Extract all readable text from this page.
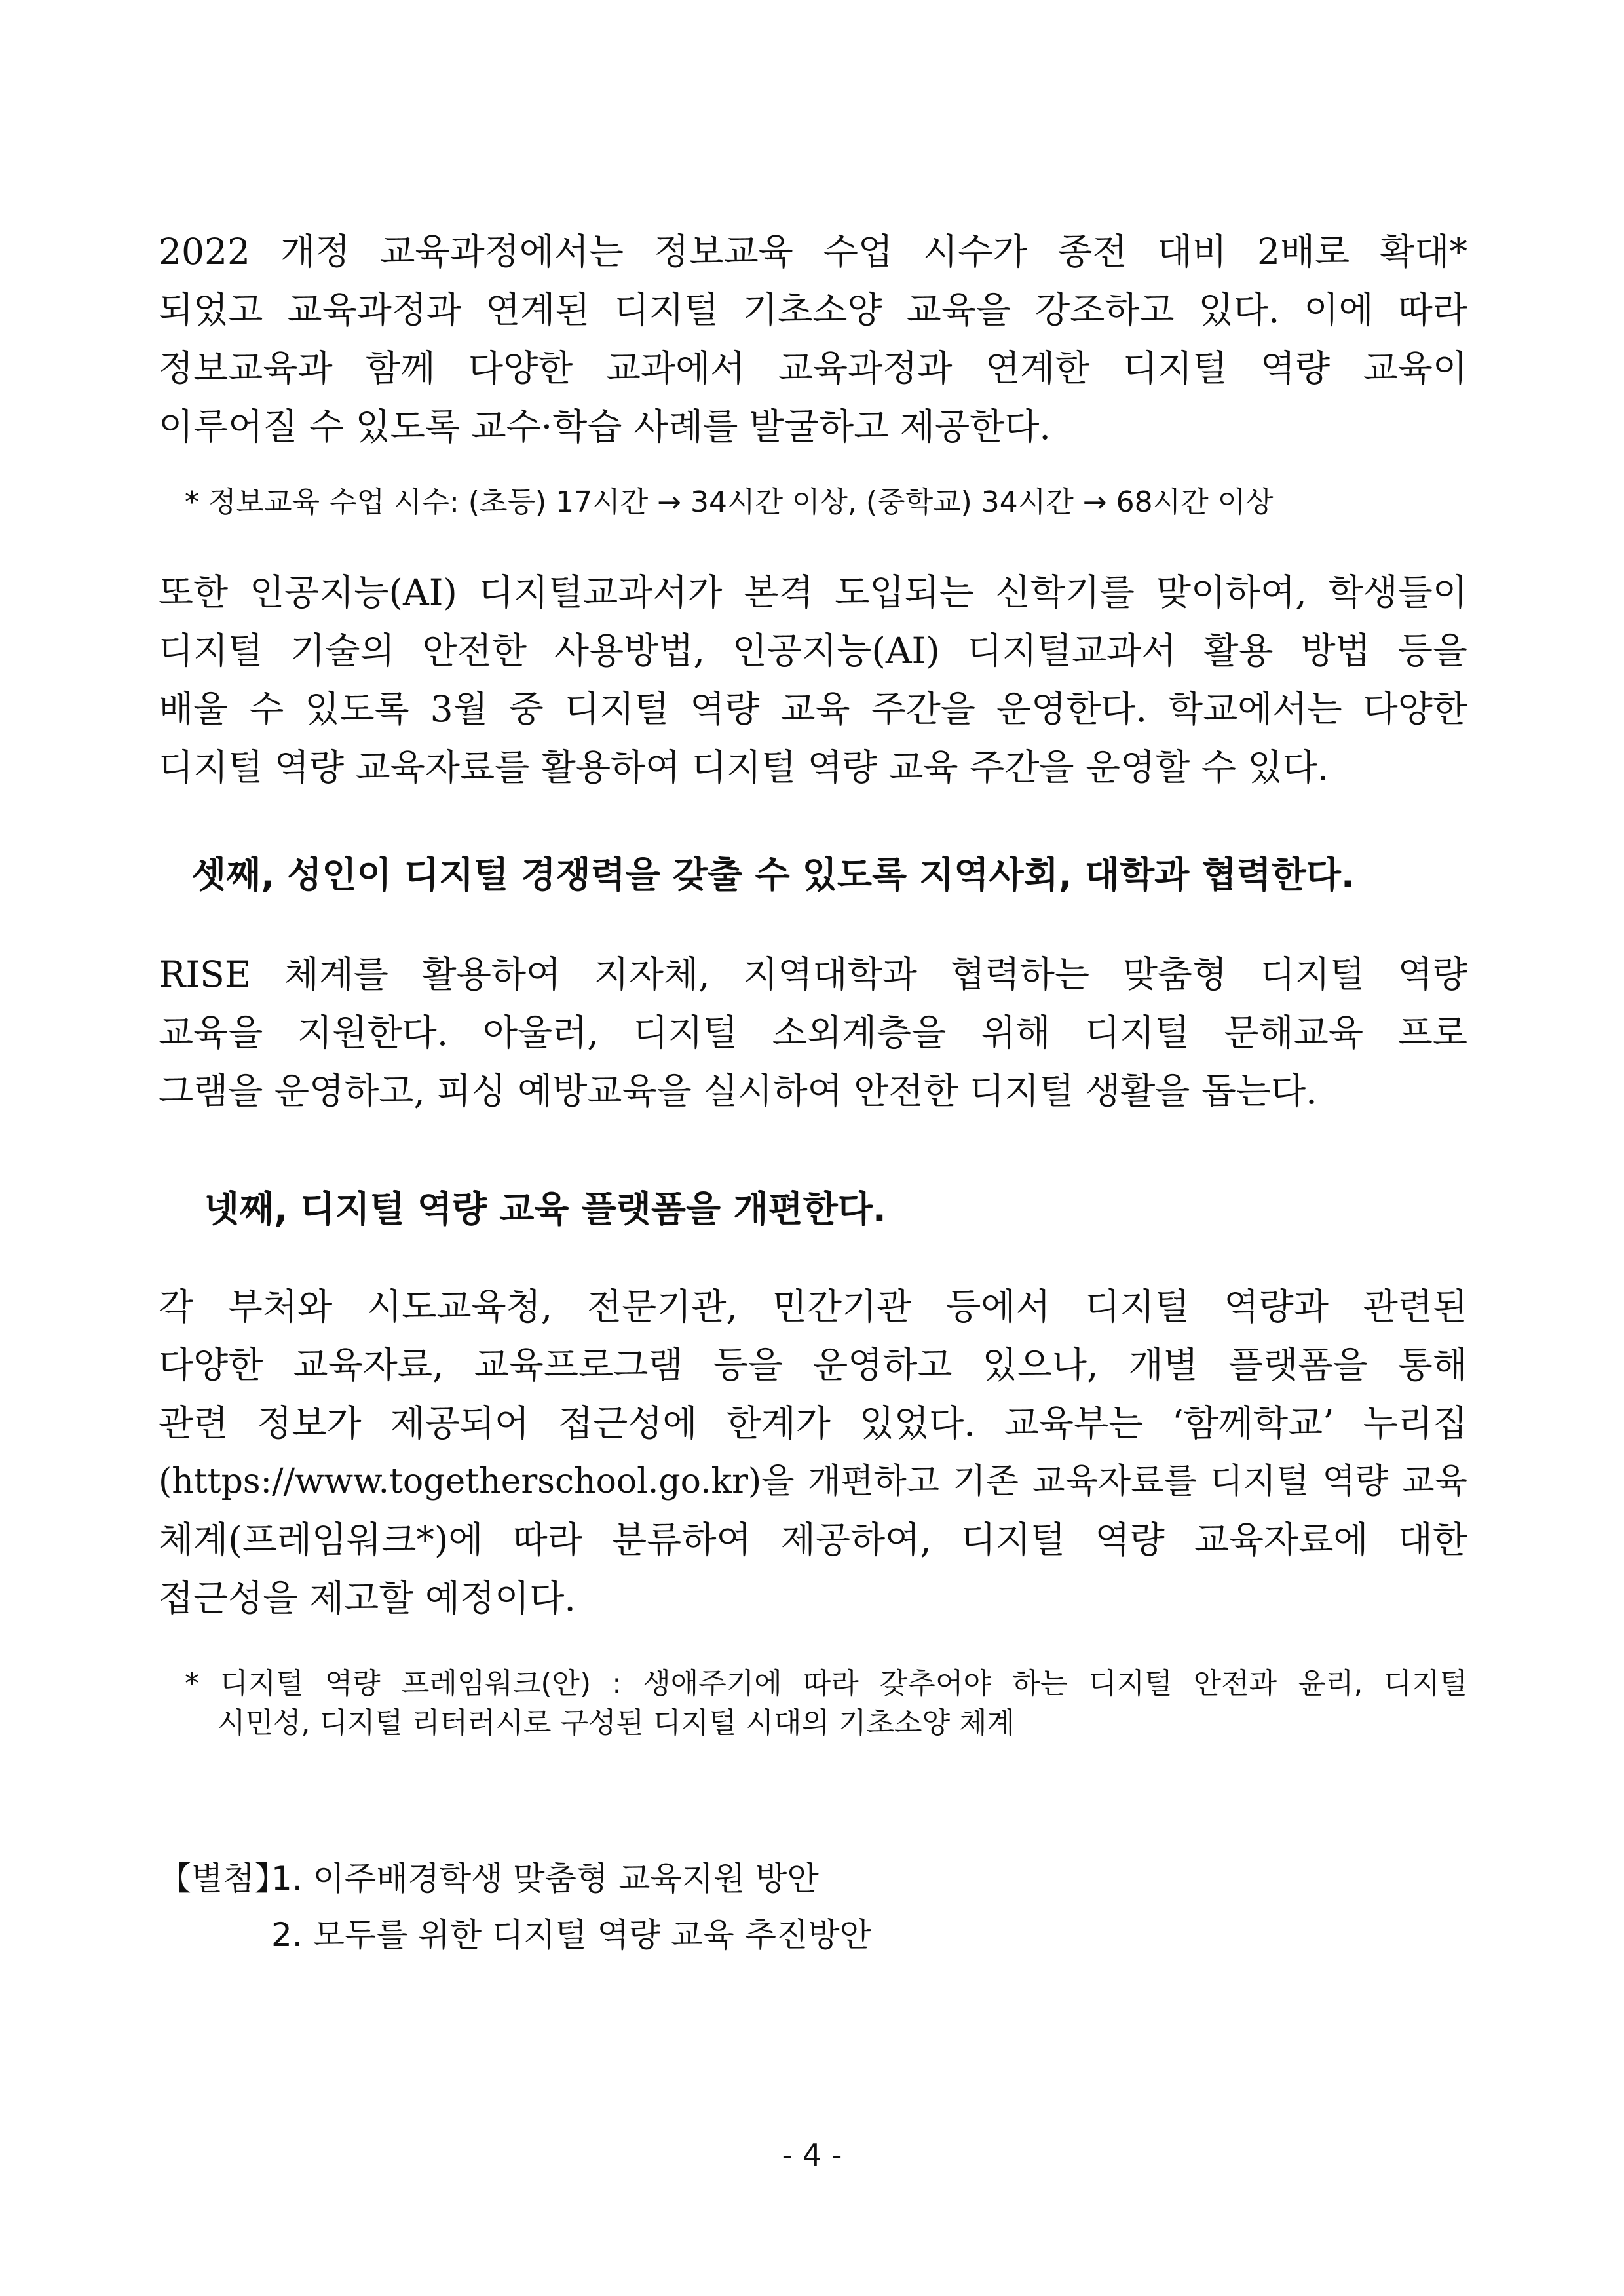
2022 개정 교육과정에서는 정보교육 수업 시수가 종전 대비 2배로 확대*
되었고 교육과정과 연계된 디지털 기초소양 교육을 강조하고 있다. 이에 따라
정보교육과 함께 다양한 교과에서 교육과정과 연계한 디지털 역량 교육이
이루어질 수 있도록 교수·학습 사례를 발굴하고 제공한다.
* 정보교육 수업 시수: (초등) 17시간 → 34시간 이상, (중학교) 34시간 → 68시간 이상
또한 인공지능(AI) 디지털교과서가 본격 도입되는 신학기를 맞이하여, 학생들이
디지털 기술의 안전한 사용방법, 인공지능(AI) 디지털교과서 활용 방법 등을
배울 수 있도록 3월 중 디지털 역량 교육 주간을 운영한다. 학교에서는 다양한
디지털 역량 교육자료를 활용하여 디지털 역량 교육 주간을 운영할 수 있다.
셋째, 성인이 디지털 경쟁력을 갖출 수 있도록 지역사회, 대학과 협력한다.
RISE 체계를 활용하여 지자체, 지역대학과 협력하는 맞춤형 디지털 역량
교육을 지원한다. 아울러, 디지털 소외계층을 위해 디지털 문해교육 프로
그램을 운영하고, 피싱 예방교육을 실시하여 안전한 디지털 생활을 돕는다.
넷째, 디지털 역량 교육 플랫폼을 개편한다.
각 부처와 시도교육청, 전문기관, 민간기관 등에서 디지털 역량과 관련된
다양한 교육자료, 교육프로그램 등을 운영하고 있으나, 개별 플랫폼을 통해
관련 정보가 제공되어 접근성에 한계가 있었다. 교육부는 ‘함께학교’ 누리집
(https://www.togetherschool.go.kr)을 개편하고 기존 교육자료를 디지털 역량 교육
체계(프레임워크*)에 따라 분류하여 제공하여, 디지털 역량 교육자료에 대한
접근성을 제고할 예정이다.
* 디지털 역량 프레임워크(안) : 생애주기에 따라 갖추어야 하는 디지털 안전과 윤리, 디지털
시민성, 디지털 리터러시로 구성된 디지털 시대의 기초소양 체계
【별첨】1. 이주배경학생 맞춤형 교육지원 방안
2. 모두를 위한 디지털 역량 교육 추진방안
- 4 -
